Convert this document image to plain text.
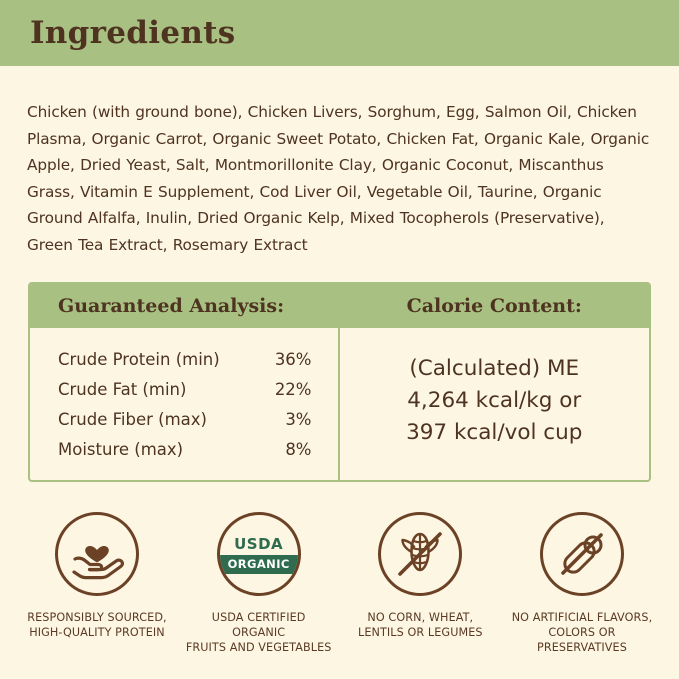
Ingredients

Chicken (with ground bone), Chicken Livers, Sorghum, Egg, Salmon Oil, Chicken Plasma, Organic Carrot, Organic Sweet Potato, Chicken Fat, Organic Kale, Organic Apple, Dried Yeast, Salt, Montmorillonite Clay, Organic Coconut, Miscanthus Grass, Vitamin E Supplement, Cod Liver Oil, Vegetable Oil, Taurine, Organic Ground Alfalfa, Inulin, Dried Organic Kelp, Mixed Tocopherols (Preservative), Green Tea Extract, Rosemary Extract

Guaranteed Analysis:
Crude Protein (min)	36%
Crude Fat (min)	22%
Crude Fiber (max)	3%
Moisture (max)	8%
Calorie Content:
(Calculated) ME
4,264 kcal/kg or
397 kcal/vol cup
RESPONSIBLY SOURCED,
HIGH-QUALITY PROTEIN
USDA
ORGANIC
USDA CERTIFIED ORGANIC
FRUITS AND VEGETABLES
NO CORN, WHEAT,
LENTILS OR LEGUMES
NO ARTIFICIAL FLAVORS,
COLORS OR PRESERVATIVES
